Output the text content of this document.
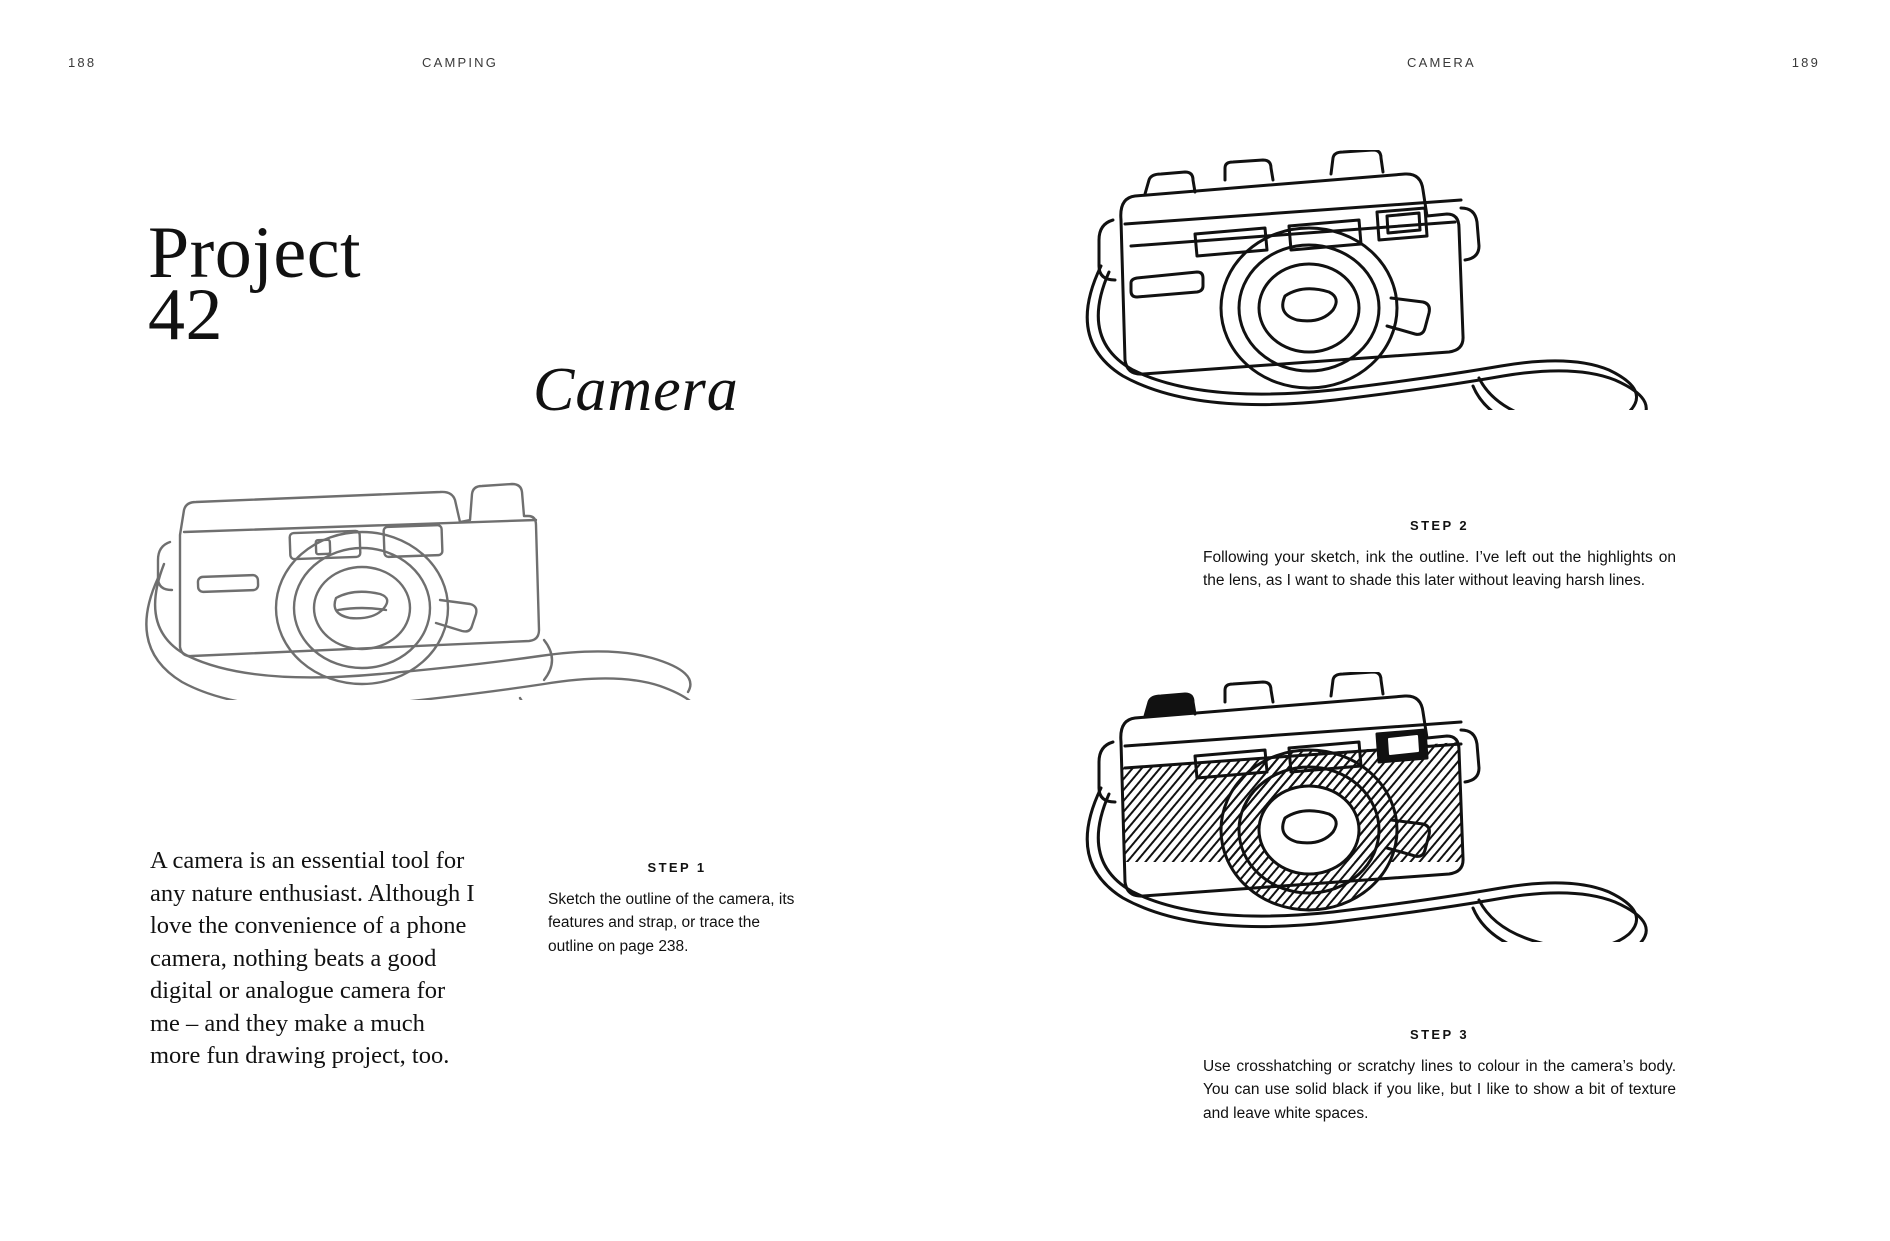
188	CAMPING	CAMERA	189
Project
42
Camera
A camera is an essential tool for any nature enthusiast. Although I love the convenience of a phone camera, nothing beats a good digital or analogue camera for me – and they make a much more fun drawing project, too.
STEP 1
Sketch the outline of the camera, its features and strap, or trace the outline on page 238.
STEP 2
Following your sketch, ink the outline. I’ve left out the highlights on the lens, as I want to shade this later without leaving harsh lines.
STEP 3
Use crosshatching or scratchy lines to colour in the camera’s body. You can use solid black if you like, but I like to show a bit of texture and leave white spaces.
